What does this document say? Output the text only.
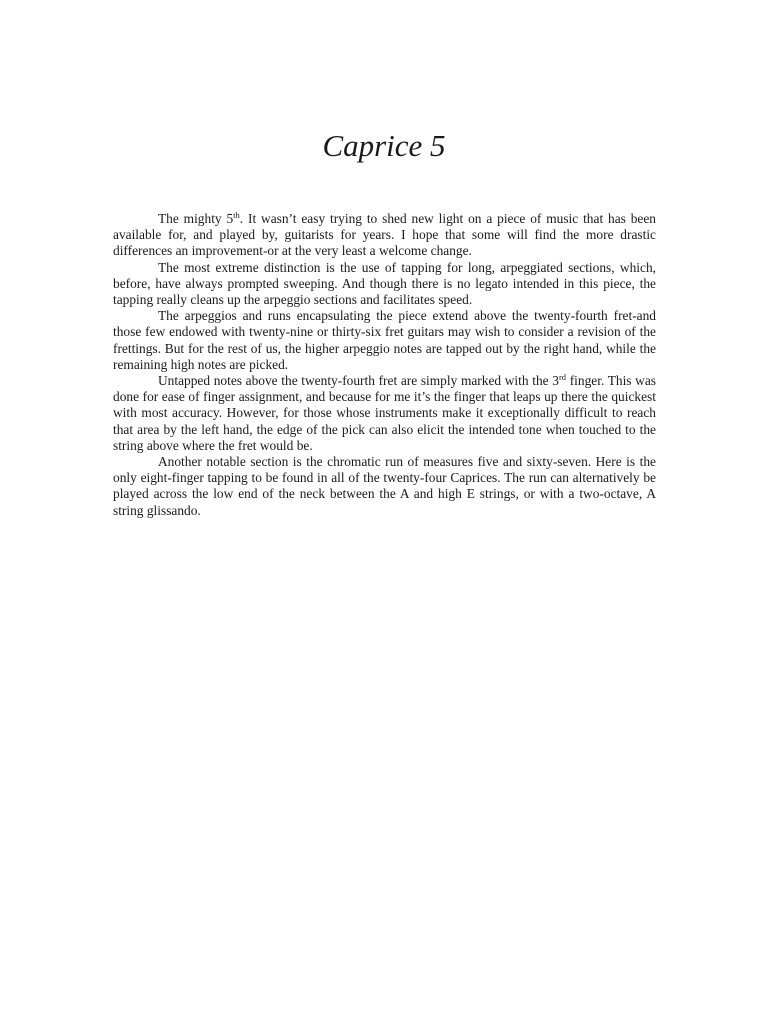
Caprice 5

The mighty 5th. It wasn’t easy trying to shed new light on a piece of music that has been available for, and played by, guitarists for years. I hope that some will find the more drastic differences an improvement-or at the very least a welcome change.

The most extreme distinction is the use of tapping for long, arpeggiated sections, which, before, have always prompted sweeping. And though there is no legato intended in this piece, the tapping really cleans up the arpeggio sections and facilitates speed.

The arpeggios and runs encapsulating the piece extend above the twenty-fourth fret-and those few endowed with twenty-nine or thirty-six fret guitars may wish to consider a revision of the frettings. But for the rest of us, the higher arpeggio notes are tapped out by the right hand, while the remaining high notes are picked.

Untapped notes above the twenty-fourth fret are simply marked with the 3rd finger. This was done for ease of finger assignment, and because for me it’s the finger that leaps up there the quickest with most accuracy. However, for those whose instruments make it exceptionally difficult to reach that area by the left hand, the edge of the pick can also elicit the intended tone when touched to the string above where the fret would be.

Another notable section is the chromatic run of measures five and sixty-seven. Here is the only eight-finger tapping to be found in all of the twenty-four Caprices. The run can alternatively be played across the low end of the neck between the A and high E strings, or with a two-octave, A string glissando.
